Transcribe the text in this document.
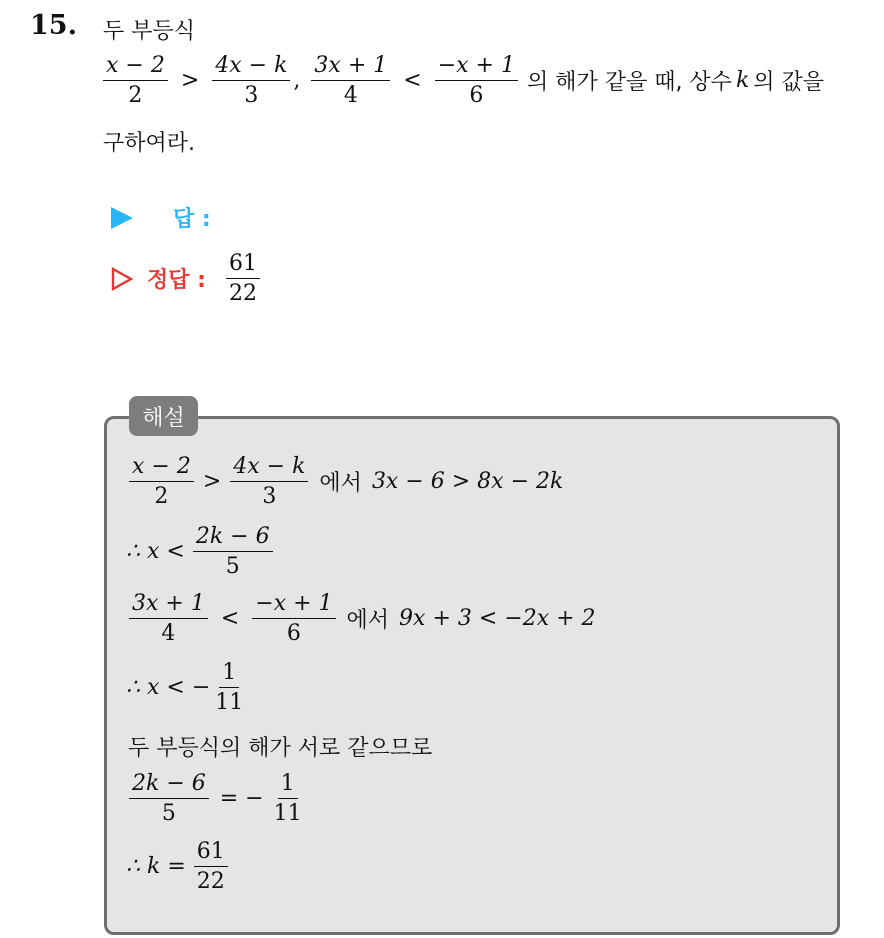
15. 두 부등식
$\frac{x - 2}{2} > \frac{4x - k}{3}$ , $\frac{3x + 1}{4} < \frac{-x + 1}{6}$ 의 해가 같을 때, 상수 k 의 값을
구하여라.
답 :
정답 : $\frac{61}{22}$
해설
$\frac{x - 2}{2} > \frac{4x - k}{3}$ 에서 3x − 6 > 8x − 2k
∴ $x < \frac{2k - 6}{5}$
$\frac{3x + 1}{4} < \frac{-x + 1}{6}$ 에서 9x + 3 < −2x + 2
∴ x < − $\frac{1}{11}$
두 부등식의 해가 서로 같으므로
$\frac{2k - 6}{5}$ = − $\frac{1}{11}$
∴ $k = \frac{61}{22}$
